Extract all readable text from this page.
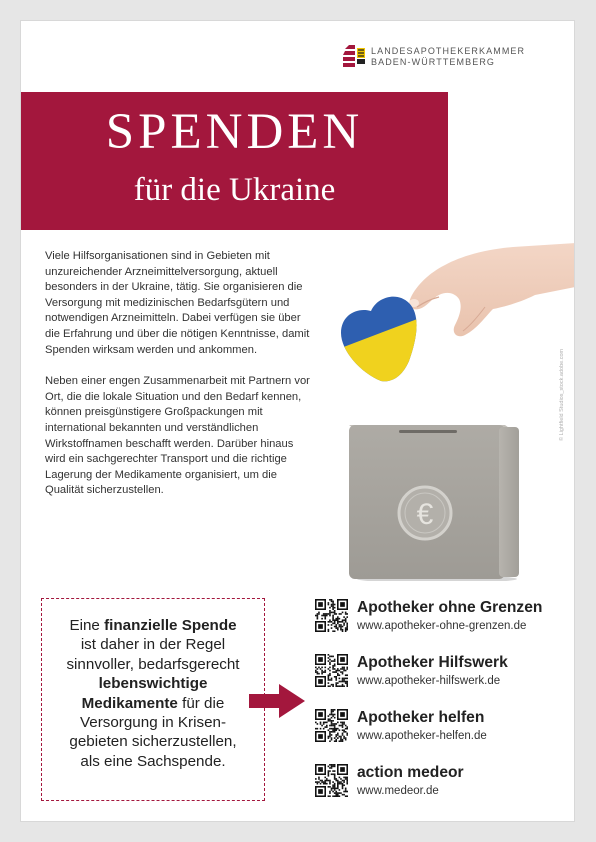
LANDESAPOTHEKERKAMMER
BADEN-WÜRTTEMBERG
SPENDEN
für die Ukraine

Viele Hilfsorganisationen sind in Gebieten mit unzureichender Arzneimittelversorgung, aktuell besonders in der Ukraine, tätig. Sie organisieren die Versorgung mit medizinischen Bedarfsgütern und notwendigen Arzneimitteln. Dabei verfügen sie über die Erfahrung und über die nötigen Kenntnisse, damit Spenden wirksam werden und ankommen.

Neben einer engen Zusammenarbeit mit Partnern vor Ort, die die lokale Situation und den Bedarf kennen, können preisgünstigere Großpackungen mit international bekannten und verständlichen Wirkstoffnamen beschafft werden. Darüber hinaus wird ein sachgerechter Transport und die richtige Lagerung der Medikamente organisiert, um die Qualität sicherzustellen.

€
© Lightfield Studios_stock.adobe.com
Eine finanzielle Spende
ist daher in der Regel
sinnvoller, bedarfsgerecht
lebenswichtige
Medikamente für die
Versorgung in Krisen-
gebieten sicherzustellen,
als eine Sachspende.
Apotheker ohne Grenzen
www.apotheker-ohne-grenzen.de
Apotheker Hilfswerk
www.apotheker-hilfswerk.de
Apotheker helfen
www.apotheker-helfen.de
action medeor
www.medeor.de
